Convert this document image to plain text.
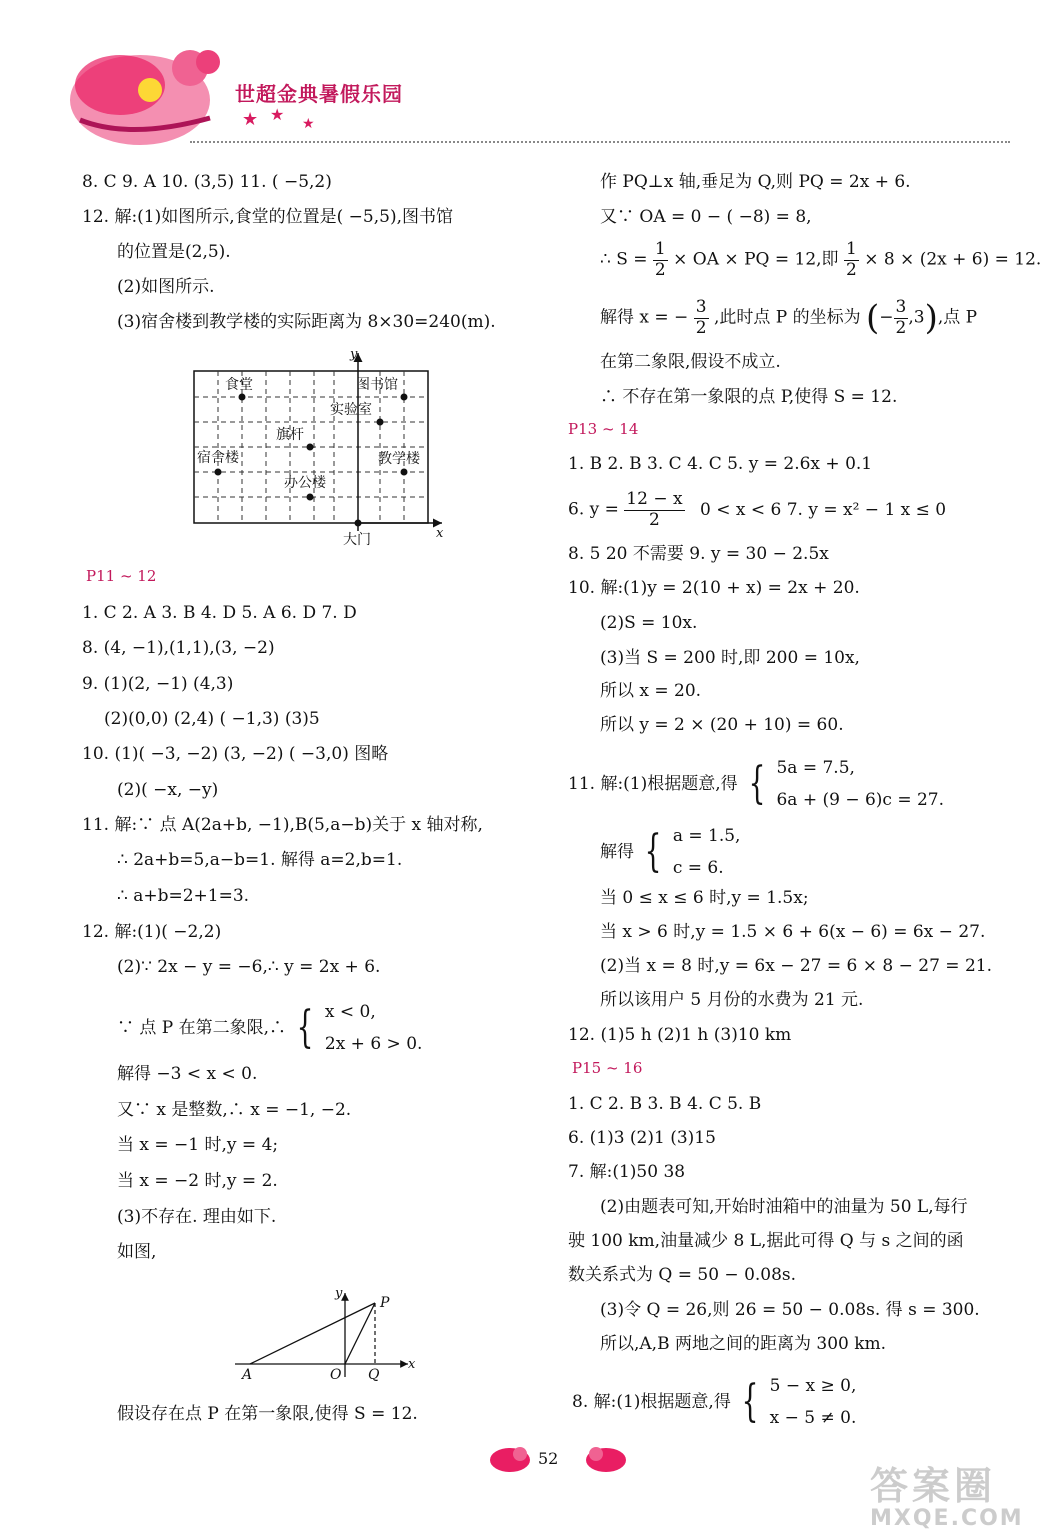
★ ★ ★
世超金典暑假乐园
8. C 9. A 10. (3,5) 11. ( −5,2)
12. 解:(1)如图所示,食堂的位置是( −5,5),图书馆
的位置是(2,5).
(2)如图所示.
(3)宿舍楼到教学楼的实际距离为 8×30=240(m).
y
x
食堂	图书馆
实验室
旗杆
宿舍楼	教学楼
办公楼
大门
P11 ~ 12
1. C 2. A 3. B 4. D 5. A 6. D 7. D
8. (4, −1),(1,1),(3, −2)
9. (1)(2, −1) (4,3)
(2)(0,0) (2,4) ( −1,3) (3)5
10. (1)( −3, −2) (3, −2) ( −3,0) 图略
(2)( −x, −y)
11. 解:∵ 点 A(2a+b, −1),B(5,a−b)关于 x 轴对称,
∴ 2a+b=5,a−b=1. 解得 a=2,b=1.
∴ a+b=2+1=3.
12. 解:(1)( −2,2)
(2)∵ 2x − y = −6,∴ y = 2x + 6.
∵ 点 P 在第二象限,∴ { x < 0,
2x + 6 > 0.
解得 −3 < x < 0.
又∵ x 是整数,∴ x = −1, −2.
当 x = −1 时,y = 4;
当 x = −2 时,y = 2.
(3)不存在. 理由如下.
如图,
y
x
P
A	O Q
假设存在点 P 在第一象限,使得 S = 12.
作 PQ⊥x 轴,垂足为 Q,则 PQ = 2x + 6.
又∵ OA = 0 − ( −8) = 8,
∴ $S = \frac{1}{2}$ × OA × PQ = 12,即 $\frac{1}{2} \times 8 \times (2x + 6) = 12$.
解得 x = − $\frac{3}{2}$ ,此时点 P 的坐标为 (− $\frac{3}{2} ,3$),点 P
在第二象限,假设不成立.
∴ 不存在第一象限的点 P,使得 S = 12.
P13 ~ 14
1. B 2. B 3. C 4. C 5. y = 2.6x + 0.1
6. $y = \frac{12 - x}{2} 0 < x < 6$ 7. y = x² − 1 x ≤ 0
8. 5 20 不需要 9. y = 30 − 2.5x
10. 解:(1)y = 2(10 + x) = 2x + 20.
(2)S = 10x.
(3)当 S = 200 时,即 200 = 10x,
所以 x = 20.
所以 y = 2 × (20 + 10) = 60.
11. 解:(1)根据题意,得 { 5a = 7.5,
6a + (9 − 6)c = 27.
解得 { a = 1.5,
c = 6.
当 0 ≤ x ≤ 6 时,y = 1.5x;
当 x > 6 时,y = 1.5 × 6 + 6(x − 6) = 6x − 27.
(2)当 x = 8 时,y = 6x − 27 = 6 × 8 − 27 = 21.
所以该用户 5 月份的水费为 21 元.
12. (1)5 h (2)1 h (3)10 km
P15 ~ 16
1. C 2. B 3. B 4. C 5. B
6. (1)3 (2)1 (3)15
7. 解:(1)50 38
(2)由题表可知,开始时油箱中的油量为 50 L,每行
驶 100 km,油量减少 8 L,据此可得 Q 与 s 之间的函
数关系式为 Q = 50 − 0.08s.
(3)令 Q = 26,则 26 = 50 − 0.08s. 得 s = 300.
所以,A,B 两地之间的距离为 300 km.
8. 解:(1)根据题意,得 { 5 − x ≥ 0,
x − 5 ≠ 0.
52
答案圈
MXQE.COM
